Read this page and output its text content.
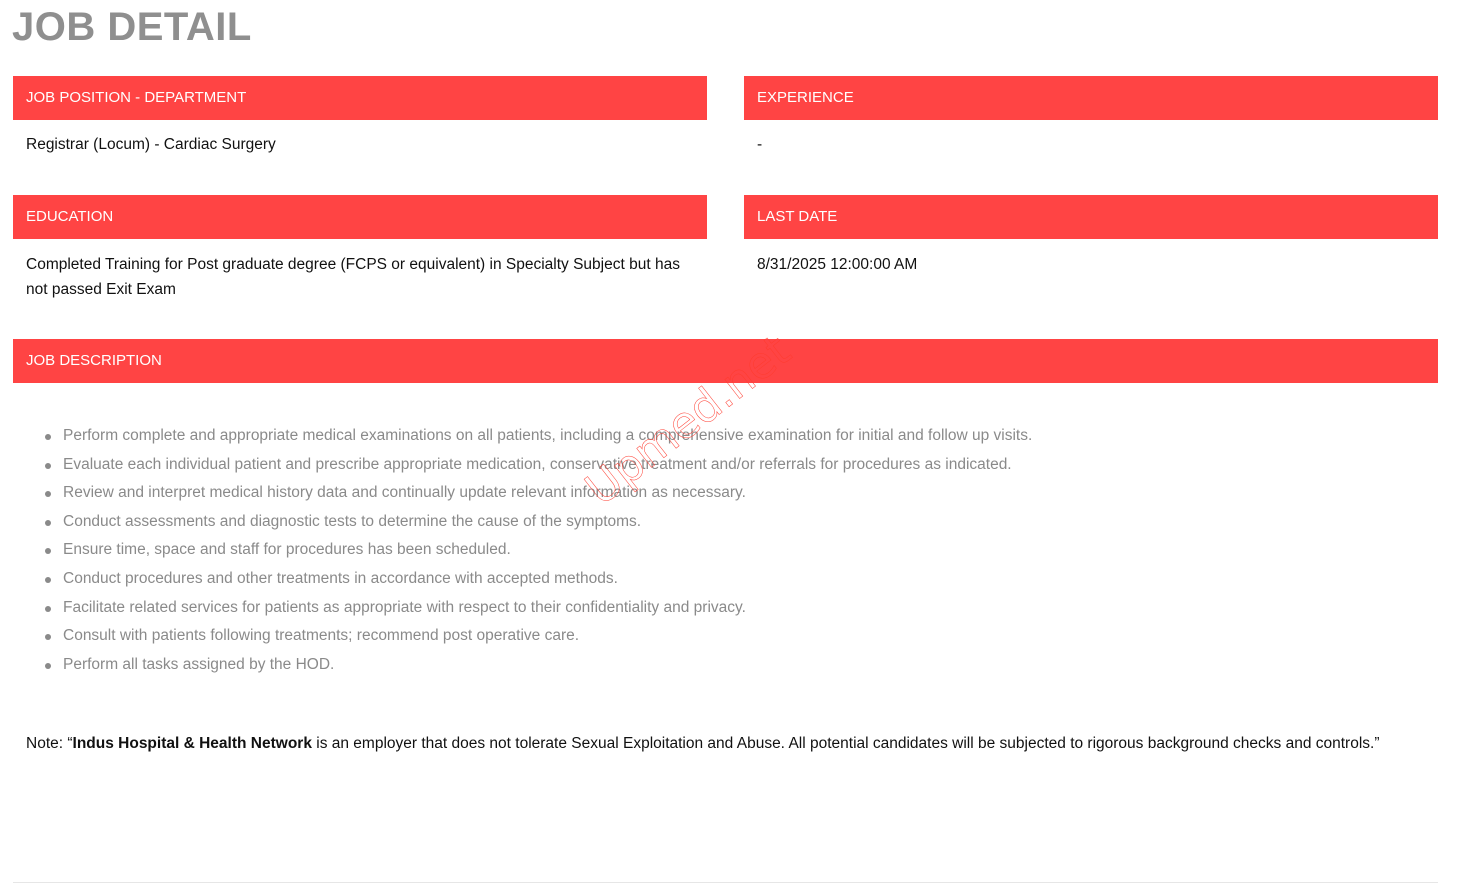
JOB DETAIL
JOB POSITION - DEPARTMENT
Registrar (Locum) - Cardiac Surgery
EXPERIENCE
-
EDUCATION
Completed Training for Post graduate degree (FCPS or equivalent) in Specialty Subject but has not passed Exit Exam
LAST DATE
8/31/2025 12:00:00 AM
JOB DESCRIPTION
Perform complete and appropriate medical examinations on all patients, including a comprehensive examination for initial and follow up visits.
Evaluate each individual patient and prescribe appropriate medication, conservative treatment and/or referrals for procedures as indicated.
Review and interpret medical history data and continually update relevant information as necessary.
Conduct assessments and diagnostic tests to determine the cause of the symptoms.
Ensure time, space and staff for procedures has been scheduled.
Conduct procedures and other treatments in accordance with accepted methods.
Facilitate related services for patients as appropriate with respect to their confidentiality and privacy.
Consult with patients following treatments; recommend post operative care.
Perform all tasks assigned by the HOD.
Note: “Indus Hospital & Health Network is an employer that does not tolerate Sexual Exploitation and Abuse. All potential candidates will be subjected to rigorous background checks and controls.”
Upmed.net
